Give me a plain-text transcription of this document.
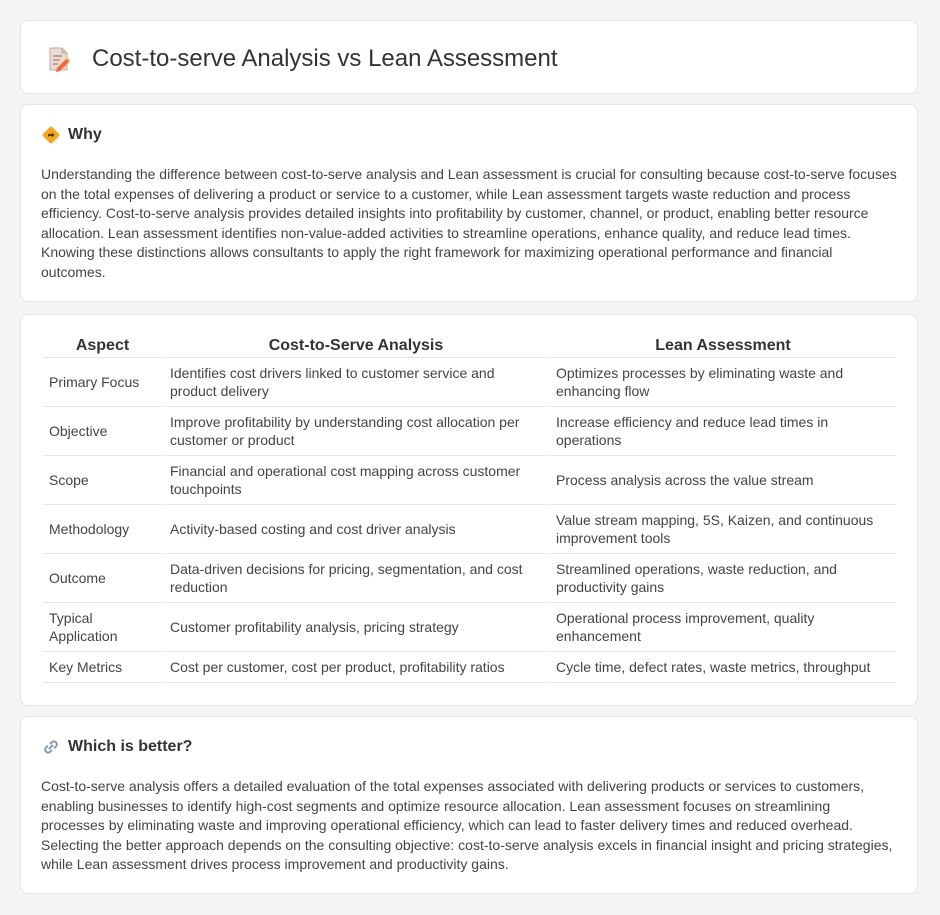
Cost-to-serve Analysis vs Lean Assessment
Why

Understanding the difference between cost-to-serve analysis and Lean assessment is crucial for consulting because cost-to-serve focuses on the total expenses of delivering a product or service to a customer, while Lean assessment targets waste reduction and process efficiency. Cost-to-serve analysis provides detailed insights into profitability by customer, channel, or product, enabling better resource allocation. Lean assessment identifies non-value-added activities to streamline operations, enhance quality, and reduce lead times. Knowing these distinctions allows consultants to apply the right framework for maximizing operational performance and financial outcomes.

Aspect	Cost-to-Serve Analysis	Lean Assessment
Primary Focus	Identifies cost drivers linked to customer service and product delivery	Optimizes processes by eliminating waste and enhancing flow
Objective	Improve profitability by understanding cost allocation per customer or product	Increase efficiency and reduce lead times in operations
Scope	Financial and operational cost mapping across customer touchpoints	Process analysis across the value stream
Methodology	Activity-based costing and cost driver analysis	Value stream mapping, 5S, Kaizen, and continuous improvement tools
Outcome	Data-driven decisions for pricing, segmentation, and cost reduction	Streamlined operations, waste reduction, and productivity gains
Typical Application	Customer profitability analysis, pricing strategy	Operational process improvement, quality enhancement
Key Metrics	Cost per customer, cost per product, profitability ratios	Cycle time, defect rates, waste metrics, throughput
Which is better?

Cost-to-serve analysis offers a detailed evaluation of the total expenses associated with delivering products or services to customers, enabling businesses to identify high-cost segments and optimize resource allocation. Lean assessment focuses on streamlining processes by eliminating waste and improving operational efficiency, which can lead to faster delivery times and reduced overhead. Selecting the better approach depends on the consulting objective: cost-to-serve analysis excels in financial insight and pricing strategies, while Lean assessment drives process improvement and productivity gains.
